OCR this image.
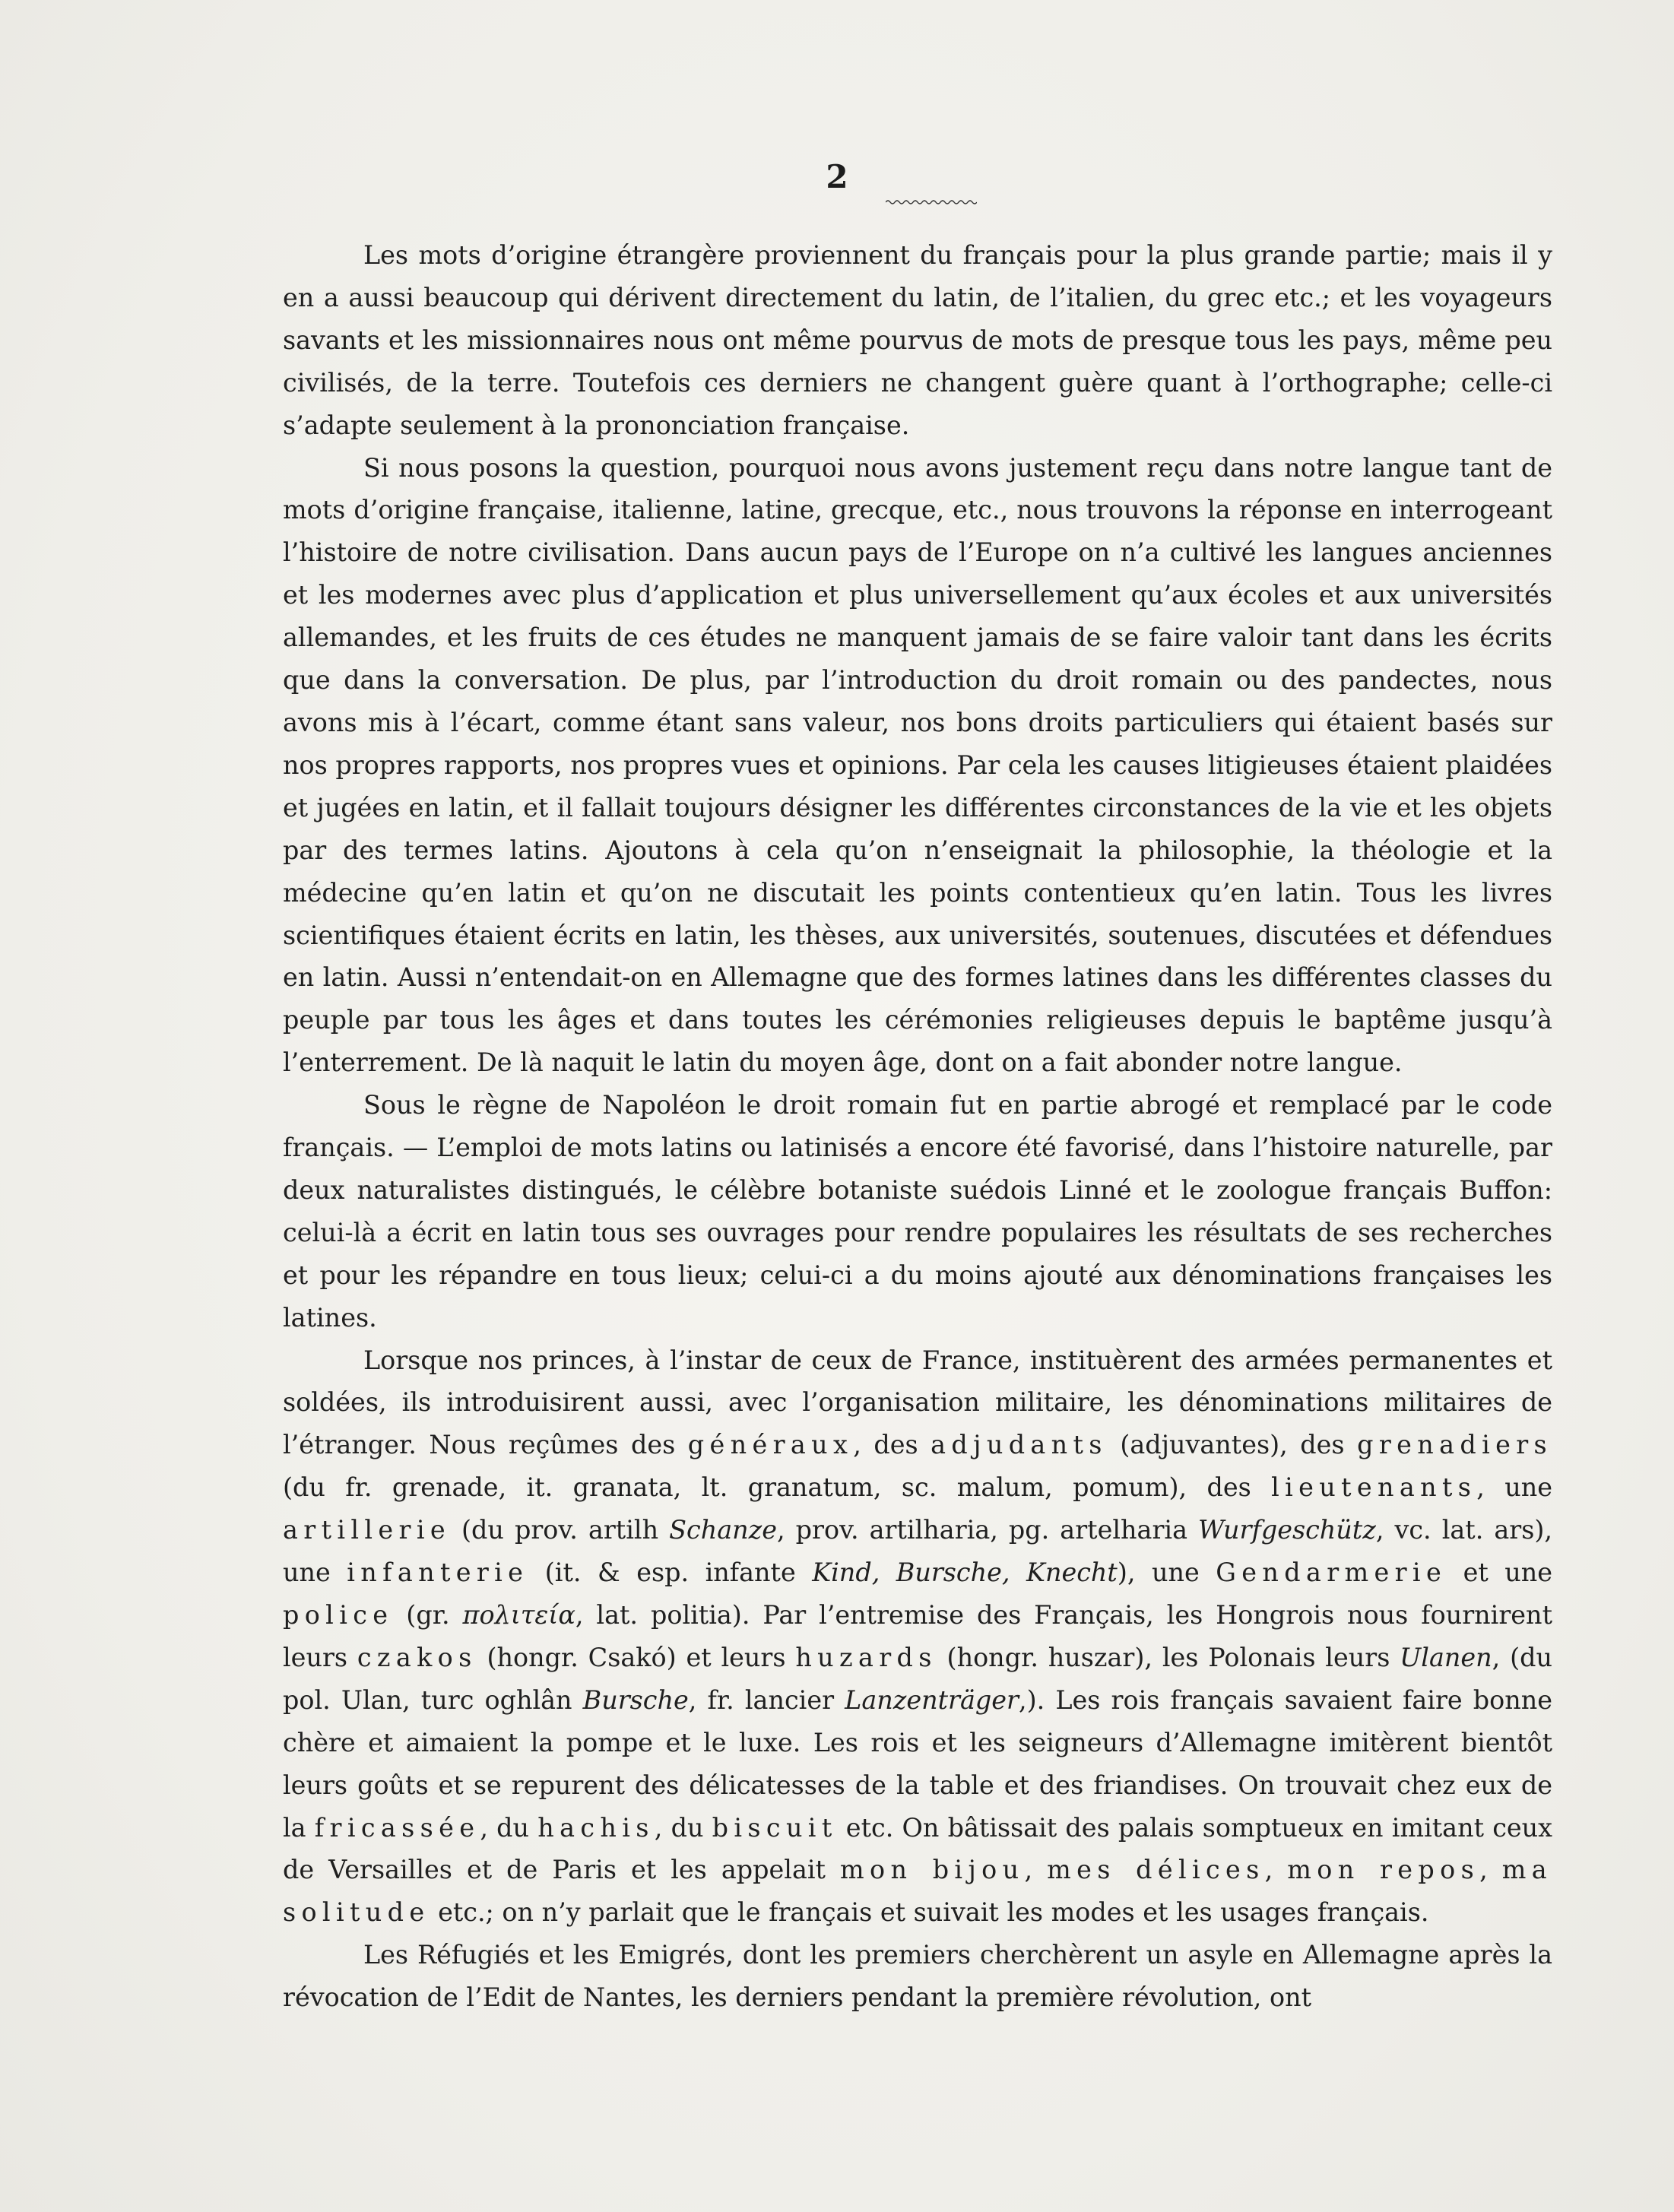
2

Les mots d’origine étrangère proviennent du français pour la plus grande partie; mais il y en a aussi beaucoup qui dérivent directement du latin, de l’italien, du grec etc.; et les voyageurs savants et les missionnaires nous ont même pourvus de mots de presque tous les pays, même peu civilisés, de la terre. Toutefois ces derniers ne changent guère quant à l’orthographe; celle-ci s’adapte seulement à la prononciation française.

Si nous posons la question, pourquoi nous avons justement reçu dans notre langue tant de mots d’origine française, italienne, latine, grecque, etc., nous trouvons la réponse en interrogeant l’histoire de notre civilisation. Dans aucun pays de l’Europe on n’a cultivé les langues anciennes et les modernes avec plus d’application et plus universellement qu’aux écoles et aux universités allemandes, et les fruits de ces études ne manquent jamais de se faire valoir tant dans les écrits que dans la conversation. De plus, par l’introduction du droit romain ou des pandectes, nous avons mis à l’écart, comme étant sans valeur, nos bons droits particuliers qui étaient basés sur nos propres rapports, nos propres vues et opinions. Par cela les causes litigieuses étaient plaidées et jugées en latin, et il fallait toujours désigner les différentes circonstances de la vie et les objets par des termes latins. Ajoutons à cela qu’on n’enseignait la philosophie, la théologie et la médecine qu’en latin et qu’on ne discutait les points contentieux qu’en latin. Tous les livres scientifiques étaient écrits en latin, les thèses, aux universités, soutenues, discutées et défendues en latin. Aussi n’entendait-on en Allemagne que des formes latines dans les différentes classes du peuple par tous les âges et dans toutes les cérémonies religieuses depuis le baptême jusqu’à l’enterrement. De là naquit le latin du moyen âge, dont on a fait abonder notre langue.

Sous le règne de Napoléon le droit romain fut en partie abrogé et remplacé par le code français. — L’emploi de mots latins ou latinisés a encore été favorisé, dans l’histoire naturelle, par deux naturalistes distingués, le célèbre botaniste suédois Linné et le zoologue français Buffon: celui-là a écrit en latin tous ses ouvrages pour rendre populaires les résultats de ses recherches et pour les répandre en tous lieux; celui-ci a du moins ajouté aux dénominations françaises les latines.

Lorsque nos princes, à l’instar de ceux de France, instituèrent des armées permanentes et soldées, ils introduisirent aussi, avec l’organisation militaire, les dénominations militaires de l’étranger. Nous reçûmes des généraux, des adjudants (adjuvantes), des grenadiers (du fr. grenade, it. granata, lt. granatum, sc. malum, pomum), des lieutenants, une artillerie (du prov. artilh Schanze, prov. artilharia, pg. artelharia Wurfgeschütz, vc. lat. ars), une infanterie (it. & esp. infante Kind, Bursche, Knecht), une Gendarmerie et une police (gr. πολιτεία, lat. politia). Par l’entremise des Français, les Hongrois nous fournirent leurs czakos (hongr. Csakó) et leurs huzards (hongr. huszar), les Polonais leurs Ulanen, (du pol. Ulan, turc oghlân Bursche, fr. lancier Lanzenträger,). Les rois français savaient faire bonne chère et aimaient la pompe et le luxe. Les rois et les seigneurs d’Allemagne imitèrent bientôt leurs goûts et se repurent des délicatesses de la table et des friandises. On trouvait chez eux de la fricassée, du hachis, du biscuit etc. On bâtissait des palais somptueux en imitant ceux de Versailles et de Paris et les appelait mon bijou, mes délices, mon repos, ma solitude etc.; on n’y parlait que le français et suivait les modes et les usages français.

Les Réfugiés et les Emigrés, dont les premiers cherchèrent un asyle en Allemagne après la révocation de l’Edit de Nantes, les derniers pendant la première révolution, ont
